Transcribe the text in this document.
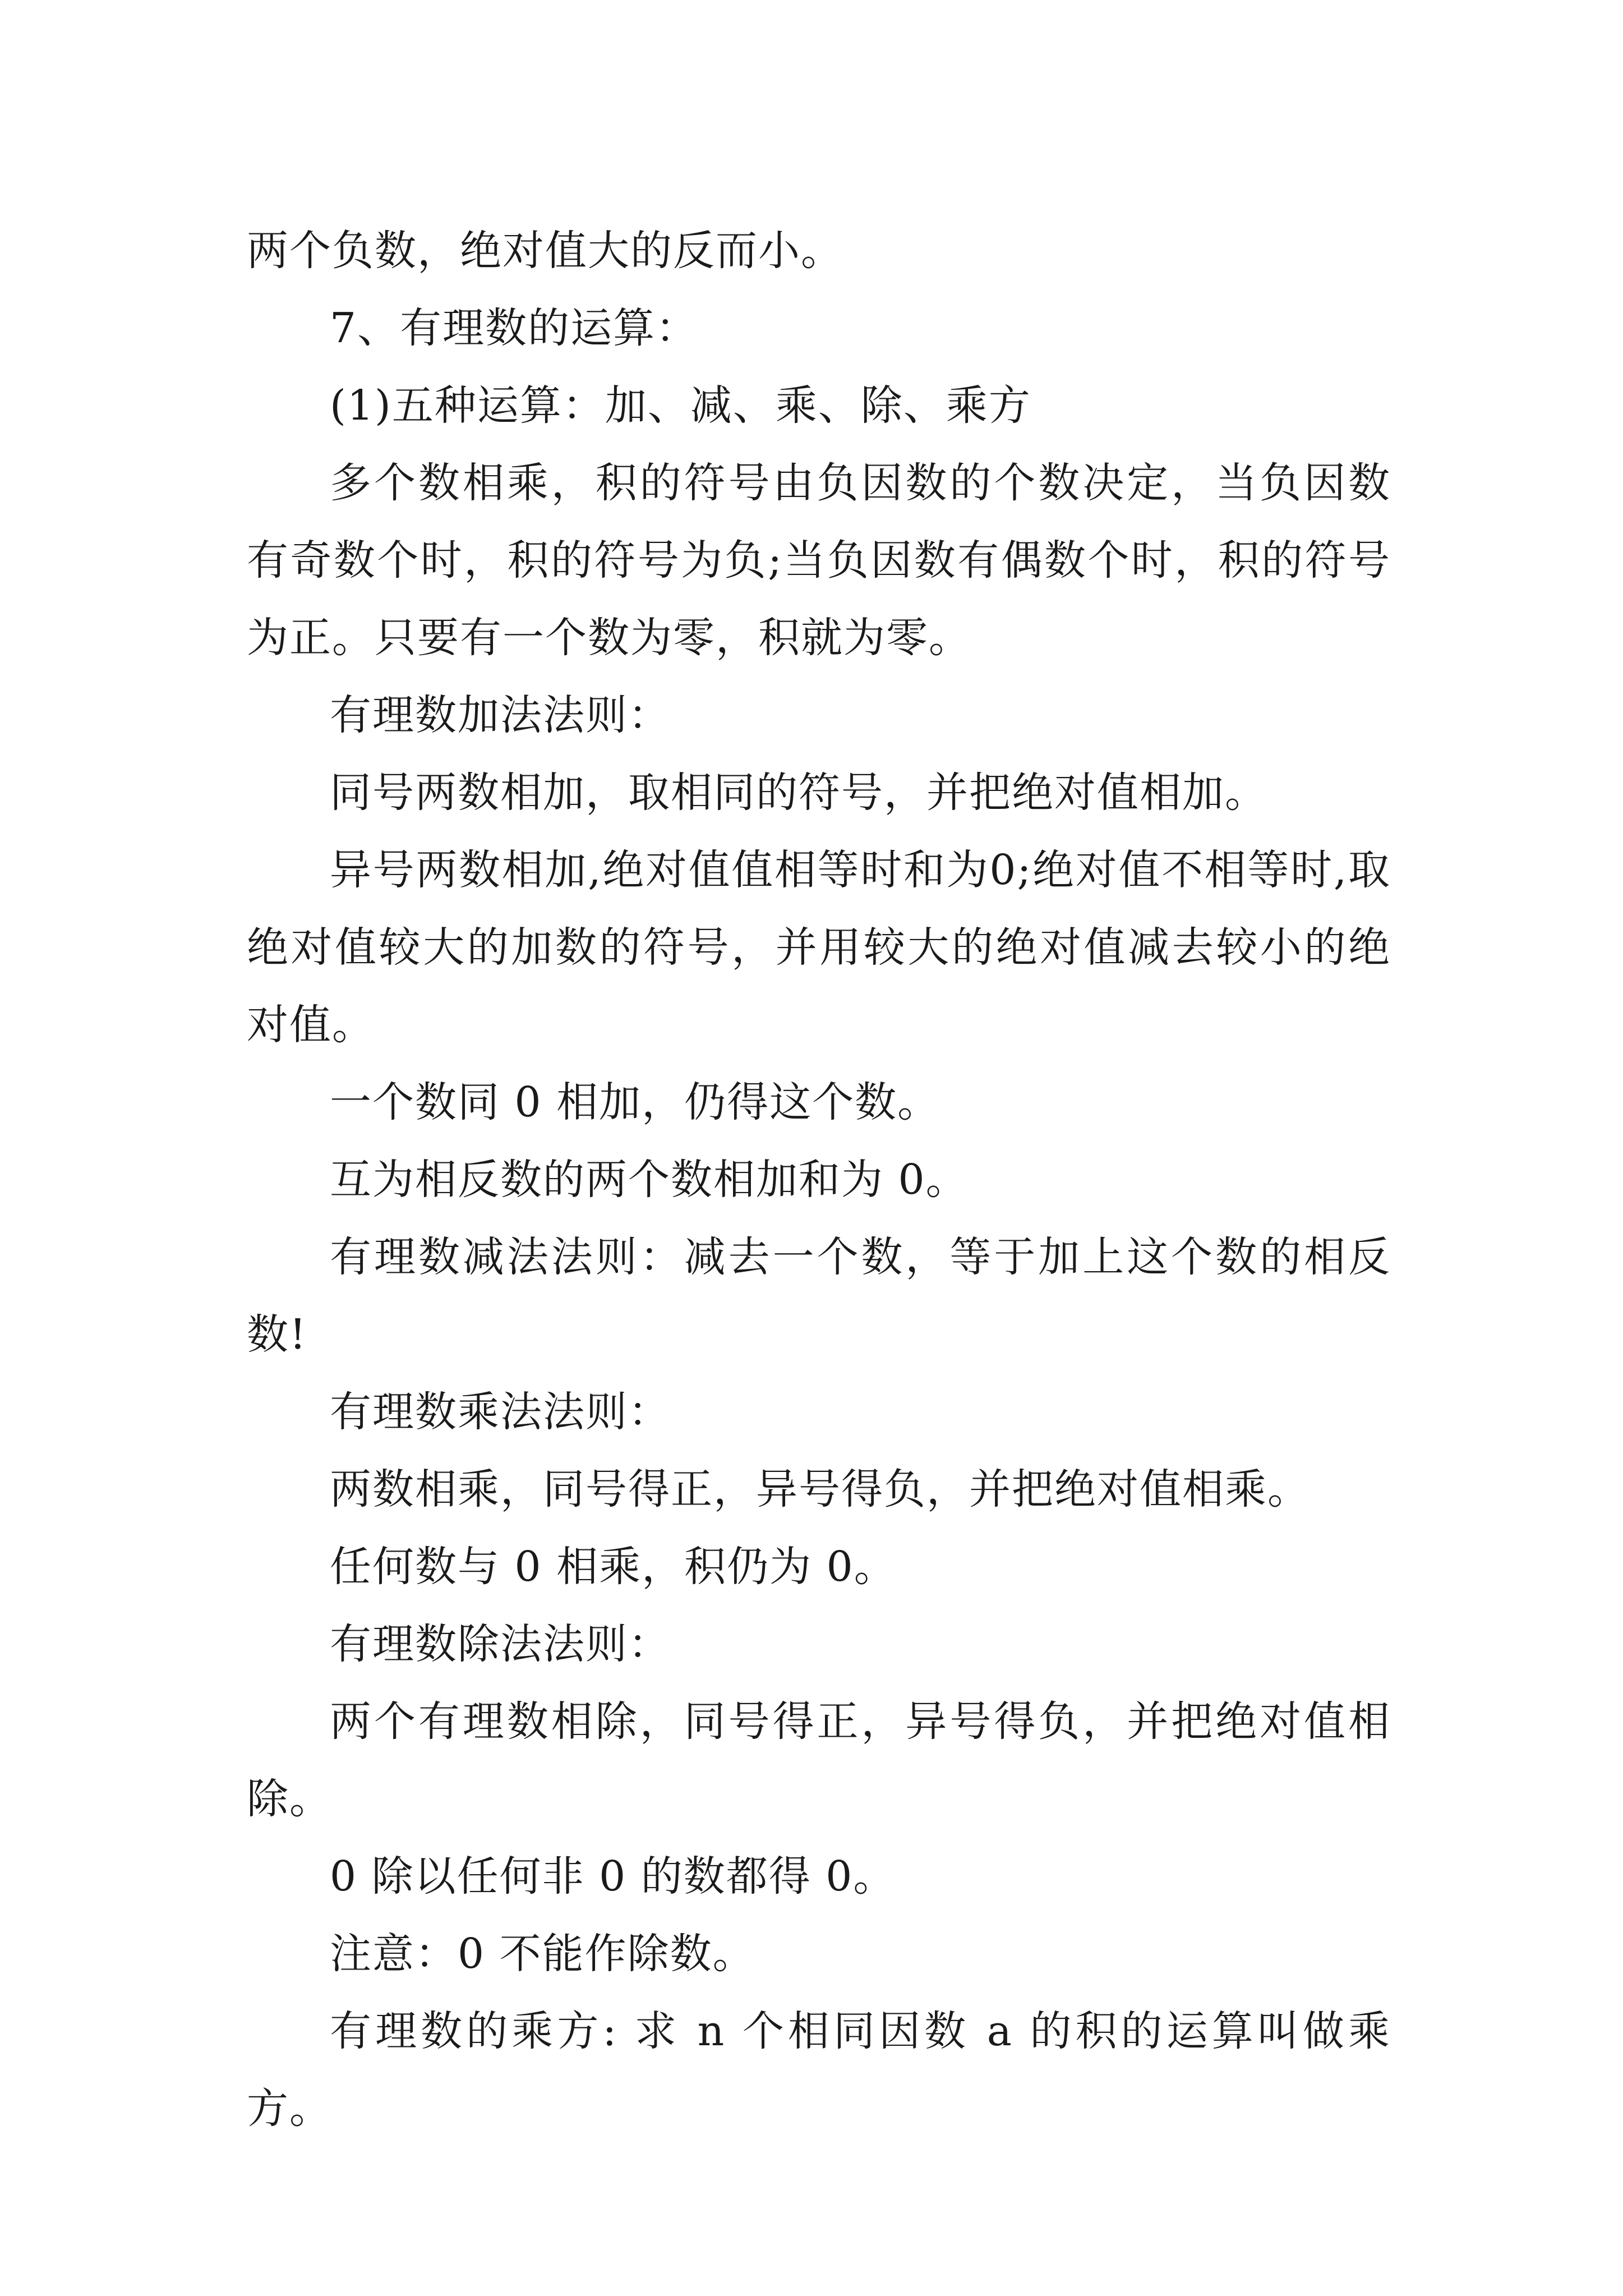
两个负数，绝对值大的反而小。

7、有理数的运算：

(1)五种运算：加、减、乘、除、乘方

多个数相乘，积的符号由负因数的个数决定，当负因数有奇数个时，积的符号为负;当负因数有偶数个时，积的符号为正。只要有一个数为零，积就为零。

有理数加法法则：

同号两数相加，取相同的符号，并把绝对值相加。

异号两数相加,绝对值值相等时和为0;绝对值不相等时,取绝对值较大的加数的符号，并用较大的绝对值减去较小的绝对值。

一个数同 0 相加，仍得这个数。

互为相反数的两个数相加和为 0。

有理数减法法则：减去一个数，等于加上这个数的相反数!

有理数乘法法则：

两数相乘，同号得正，异号得负，并把绝对值相乘。

任何数与 0 相乘，积仍为 0。

有理数除法法则：

两个有理数相除，同号得正，异号得负，并把绝对值相除。

0 除以任何非 0 的数都得 0。

注意：0 不能作除数。

有理数的乘方: 求 n 个相同因数 a 的积的运算叫做乘方。
